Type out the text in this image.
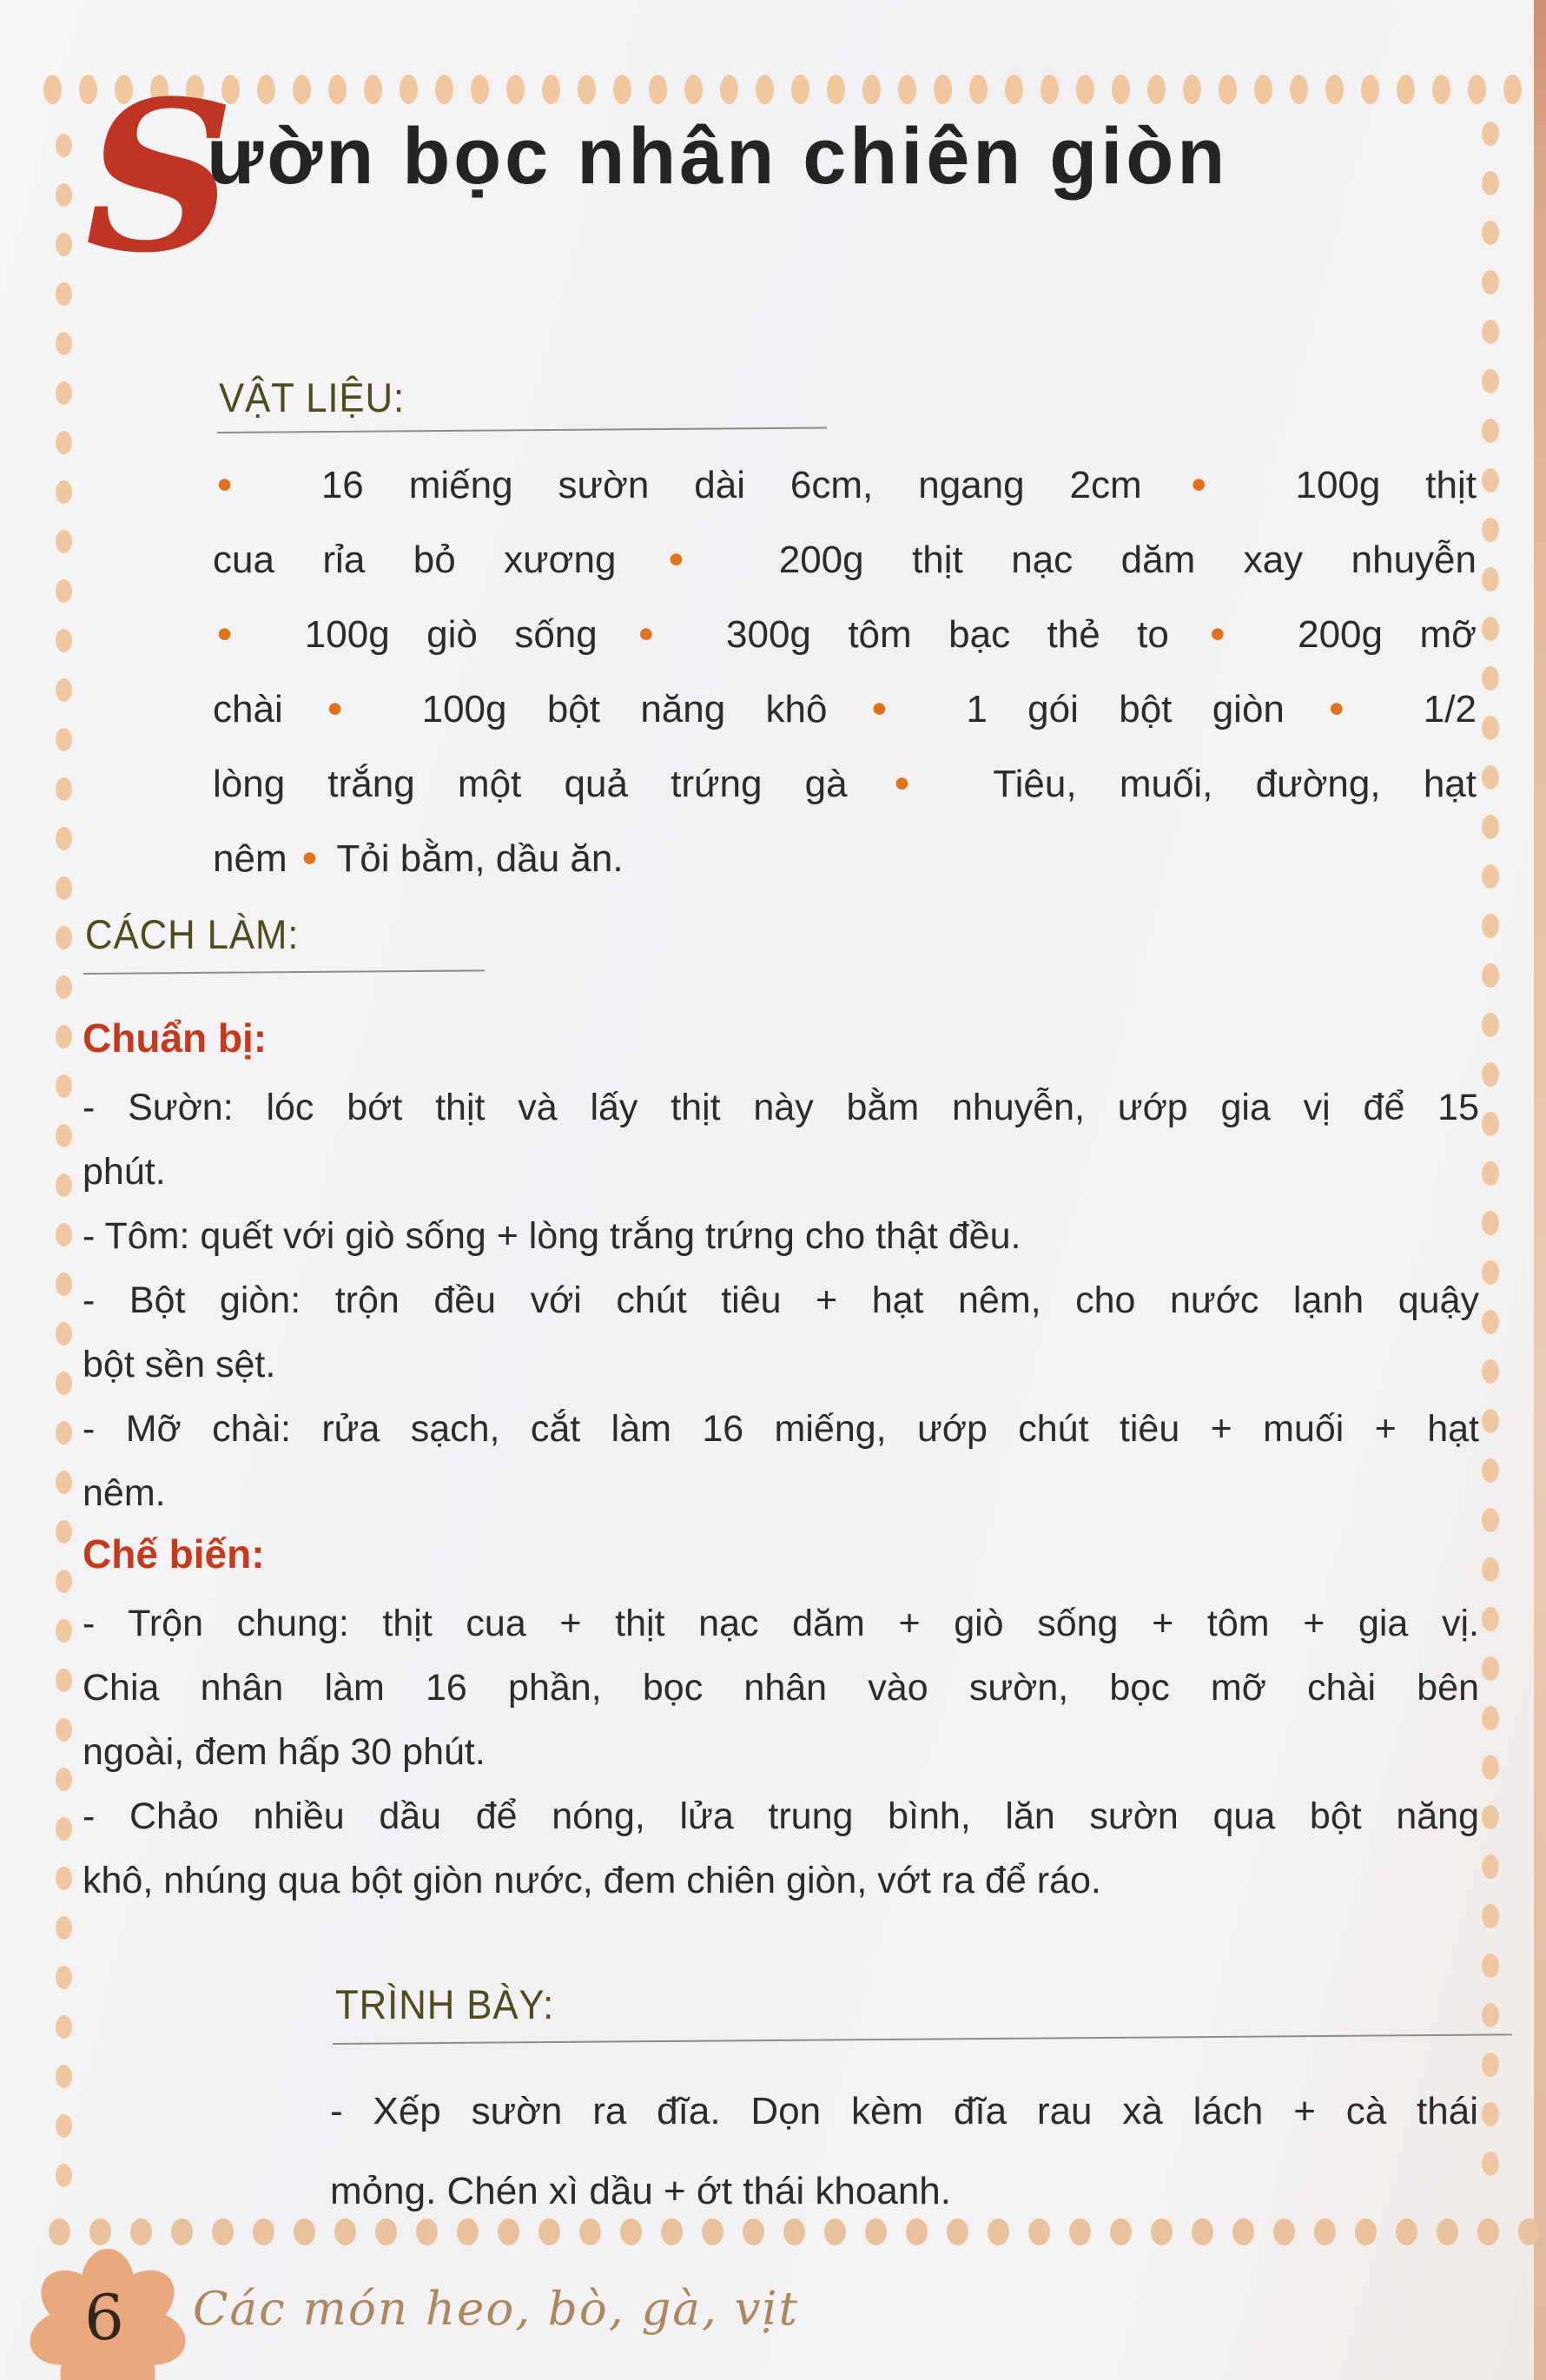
S
ườn bọc nhân chiên giòn
VẬT LIỆU:
● 16 miếng sườn dài 6cm, ngang 2cm ● 100g thịt
cua rỉa bỏ xương ● 200g thịt nạc dăm xay nhuyễn
● 100g giò sống ● 300g tôm bạc thẻ to ● 200g mỡ
chài ● 100g bột năng khô ● 1 gói bột giòn ● 1/2
lòng trắng một quả trứng gà ● Tiêu, muối, đường, hạt
nêm ● Tỏi bằm, dầu ăn.
CÁCH LÀM:
Chuẩn bị:
- Sườn: lóc bớt thịt và lấy thịt này bằm nhuyễn, ướp gia vị để 15
phút.
- Tôm: quết với giò sống + lòng trắng trứng cho thật đều.
- Bột giòn: trộn đều với chút tiêu + hạt nêm, cho nước lạnh quậy
bột sền sệt.
- Mỡ chài: rửa sạch, cắt làm 16 miếng, ướp chút tiêu + muối + hạt
nêm.
Chế biến:
- Trộn chung: thịt cua + thịt nạc dăm + giò sống + tôm + gia vị.
Chia nhân làm 16 phần, bọc nhân vào sườn, bọc mỡ chài bên
ngoài, đem hấp 30 phút.
- Chảo nhiều dầu để nóng, lửa trung bình, lăn sườn qua bột năng
khô, nhúng qua bột giòn nước, đem chiên giòn, vớt ra để ráo.
TRÌNH BÀY:
- Xếp sườn ra đĩa. Dọn kèm đĩa rau xà lách + cà thái
mỏng. Chén xì dầu + ớt thái khoanh.
6	Các món heo, bò, gà, vịt
